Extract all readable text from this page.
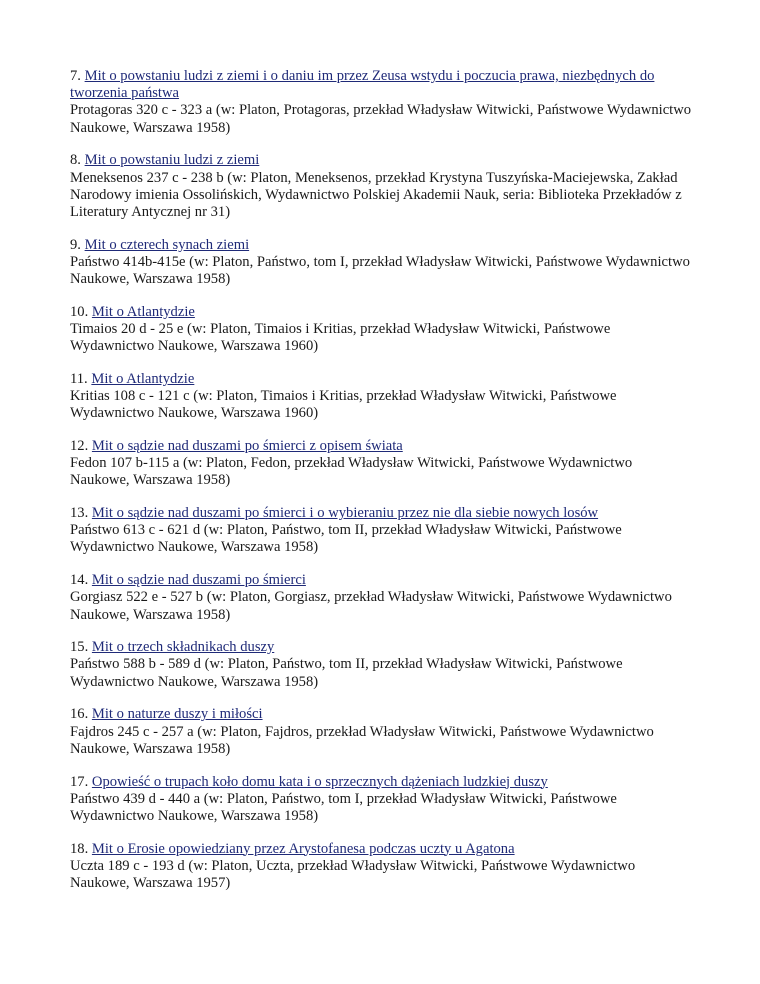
7. Mit o powstaniu ludzi z ziemi i o daniu im przez Zeusa wstydu i poczucia prawa, niezbędnych do tworzenia państwa
Protagoras 320 c - 323 a (w: Platon, Protagoras, przekład Władysław Witwicki, Państwowe Wydawnictwo Naukowe, Warszawa 1958)
8. Mit o powstaniu ludzi z ziemi
Meneksenos 237 c - 238 b (w: Platon, Meneksenos, przekład Krystyna Tuszyńska-Maciejewska, Zakład Narodowy imienia Ossolińskich, Wydawnictwo Polskiej Akademii Nauk, seria: Biblioteka Przekładów z Literatury Antycznej nr 31)
9. Mit o czterech synach ziemi
Państwo 414b-415e (w: Platon, Państwo, tom I, przekład Władysław Witwicki, Państwowe Wydawnictwo Naukowe, Warszawa 1958)
10. Mit o Atlantydzie
Timaios 20 d - 25 e (w: Platon, Timaios i Kritias, przekład Władysław Witwicki, Państwowe Wydawnictwo Naukowe, Warszawa 1960)
11. Mit o Atlantydzie
Kritias 108 c - 121 c (w: Platon, Timaios i Kritias, przekład Władysław Witwicki, Państwowe Wydawnictwo Naukowe, Warszawa 1960)
12. Mit o sądzie nad duszami po śmierci z opisem świata
Fedon 107 b-115 a (w: Platon, Fedon, przekład Władysław Witwicki, Państwowe Wydawnictwo Naukowe, Warszawa 1958)
13. Mit o sądzie nad duszami po śmierci i o wybieraniu przez nie dla siebie nowych losów
Państwo 613 c - 621 d (w: Platon, Państwo, tom II, przekład Władysław Witwicki, Państwowe Wydawnictwo Naukowe, Warszawa 1958)
14. Mit o sądzie nad duszami po śmierci
Gorgiasz 522 e - 527 b (w: Platon, Gorgiasz, przekład Władysław Witwicki, Państwowe Wydawnictwo Naukowe, Warszawa 1958)
15. Mit o trzech składnikach duszy
Państwo 588 b - 589 d (w: Platon, Państwo, tom II, przekład Władysław Witwicki, Państwowe Wydawnictwo Naukowe, Warszawa 1958)
16. Mit o naturze duszy i miłości
Fajdros 245 c - 257 a (w: Platon, Fajdros, przekład Władysław Witwicki, Państwowe Wydawnictwo Naukowe, Warszawa 1958)
17. Opowieść o trupach koło domu kata i o sprzecznych dążeniach ludzkiej duszy
Państwo 439 d - 440 a (w: Platon, Państwo, tom I, przekład Władysław Witwicki, Państwowe Wydawnictwo Naukowe, Warszawa 1958)
18. Mit o Erosie opowiedziany przez Arystofanesa podczas uczty u Agatona
Uczta 189 c - 193 d (w: Platon, Uczta, przekład Władysław Witwicki, Państwowe Wydawnictwo Naukowe, Warszawa 1957)
